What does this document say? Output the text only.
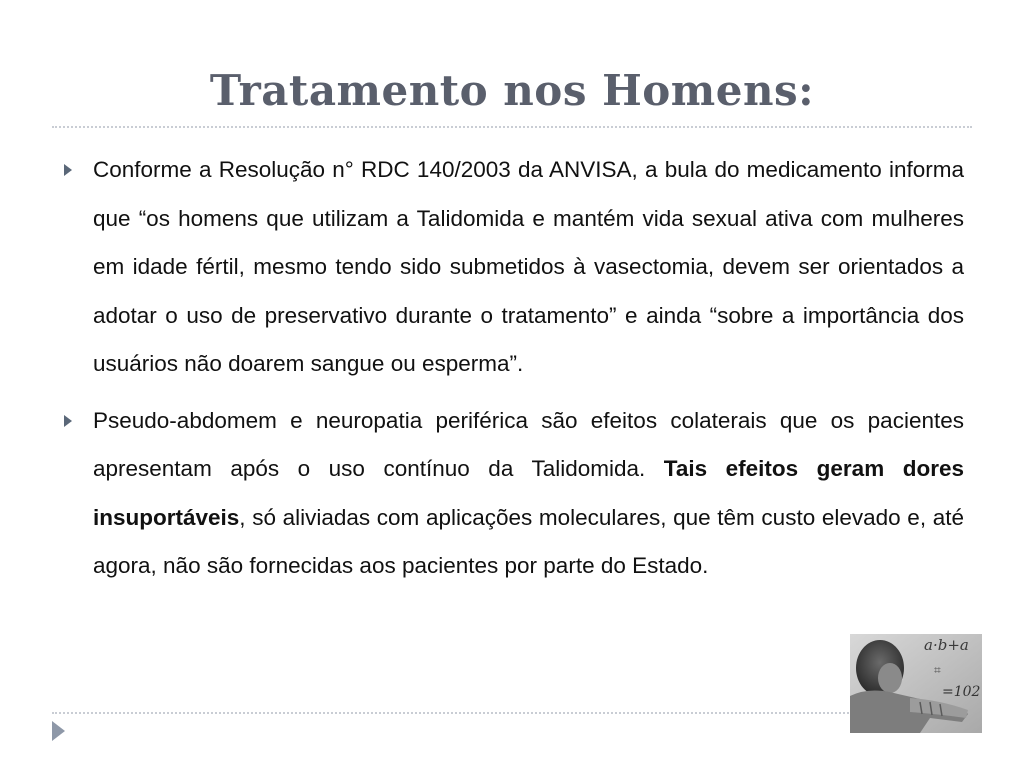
Tratamento nos Homens:

Conforme a Resolução n° RDC 140/2003 da ANVISA, a bula do medicamento informa que “os homens que utilizam a Talidomida e mantém vida sexual ativa com mulheres em idade fértil, mesmo tendo sido submetidos à vasectomia, devem ser orientados a adotar o uso de preservativo durante o tratamento” e ainda “sobre a importância dos usuários não doarem sangue ou esperma”.

Pseudo-abdomem e neuropatia periférica são efeitos colaterais que os pacientes apresentam após o uso contínuo da Talidomida. Tais efeitos geram dores insuportáveis, só aliviadas com aplicações moleculares, que têm custo elevado e, até agora, não são fornecidas aos pacientes por parte do Estado.

a·b+a
=102
⌗
